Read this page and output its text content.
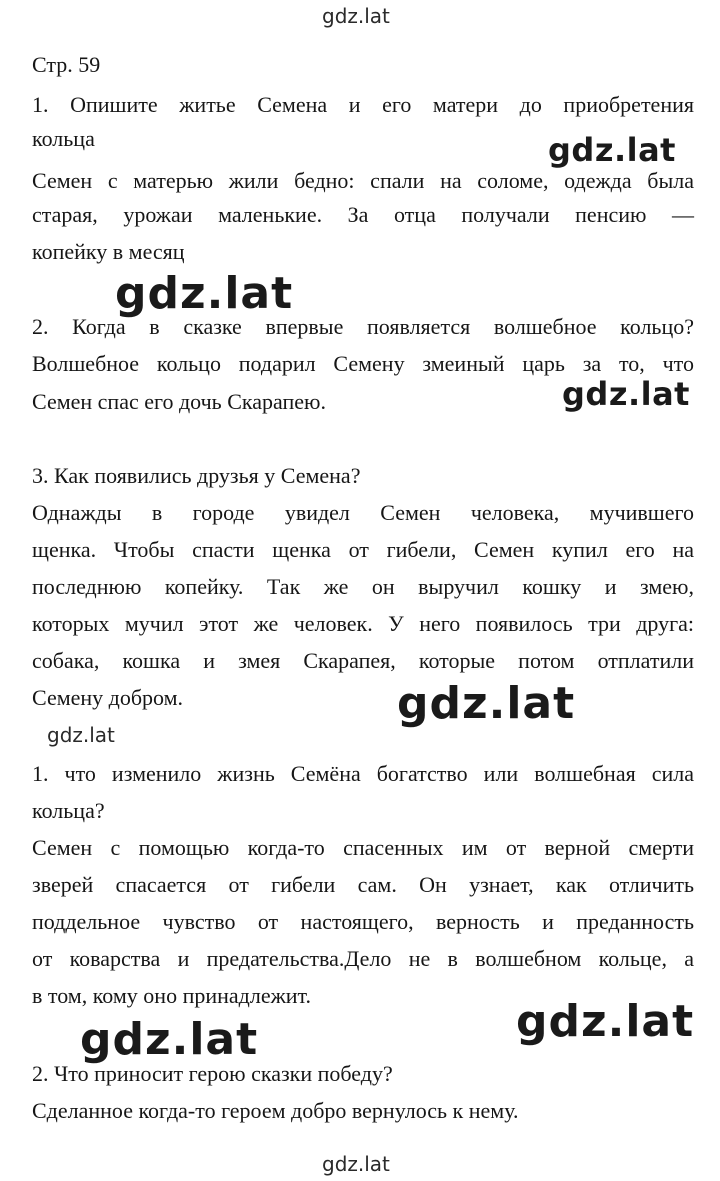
gdz.lat
Стр. 59
1. Опишите житье Семена и его матери до приобретения
кольца
Семен с матерью жили бедно: спали на соломе, одежда была
старая, урожаи маленькие. За отца получали пенсию —
копейку в месяц
2. Когда в сказке впервые появляется волшебное кольцо?
Волшебное кольцо подарил Семену змеиный царь за то, что
Семен спас его дочь Скарапею.
3. Как появились друзья у Семена?
Однажды в городе увидел Семен человека, мучившего
щенка. Чтобы спасти щенка от гибели, Семен купил его на
последнюю копейку. Так же он выручил кошку и змею,
которых мучил этот же человек. У него появилось три друга:
собака, кошка и змея Скарапея, которые потом отплатили
Семену добром.
1. что изменило жизнь Семёна богатство или волшебная сила
кольца?
Семен с помощью когда-то спасенных им от верной смерти
зверей спасается от гибели сам. Он узнает, как отличить
поддельное чувство от настоящего, верность и преданность
от коварства и предательства.Дело не в волшебном кольце, а
в том, кому оно принадлежит.
2. Что приносит герою сказки победу?
Сделанное когда-то героем добро вернулось к нему.
gdz.lat
gdz.lat
gdz.lat
gdz.lat
gdz.lat
gdz.lat	gdz.lat
gdz.lat
